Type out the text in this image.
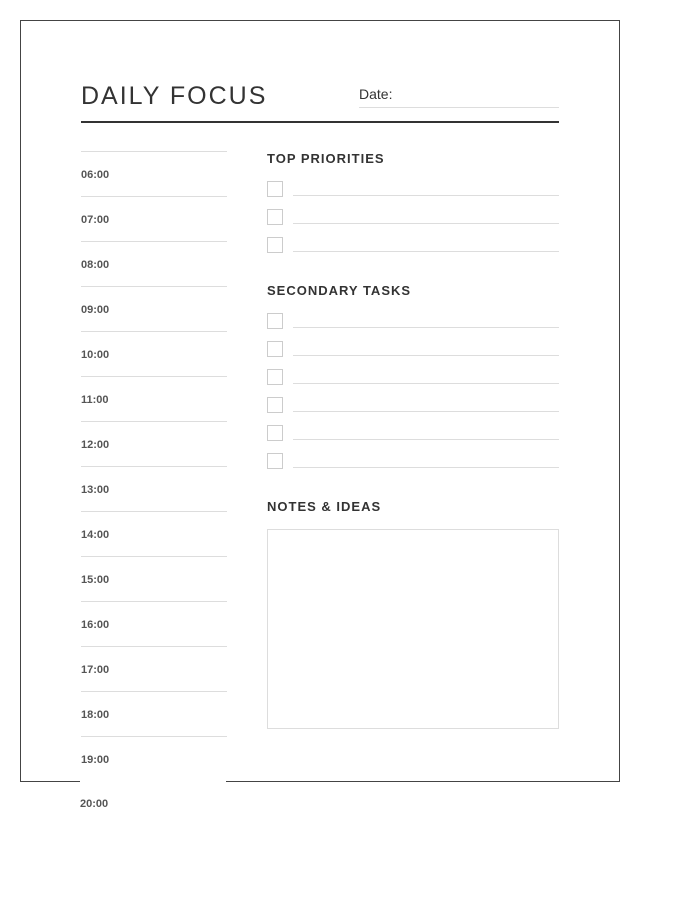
DAILY FOCUS	Date:
06:00
07:00
08:00
09:00
10:00
11:00
12:00
13:00
14:00
15:00
16:00
17:00
18:00
19:00
TOP PRIORITIES
SECONDARY TASKS
NOTES & IDEAS
20:00
